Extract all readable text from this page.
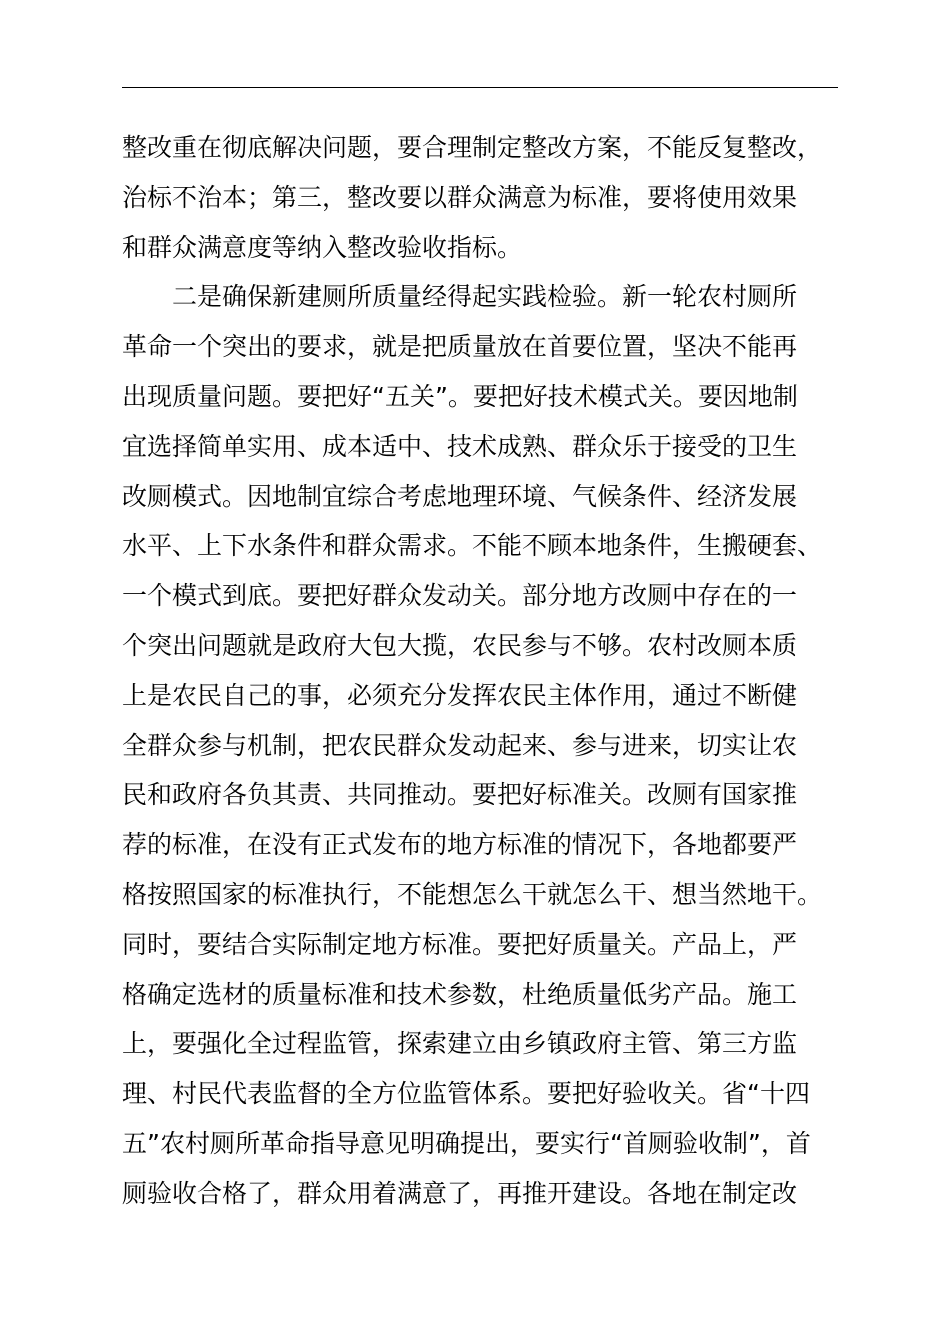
整改重在彻底解决问题，要合理制定整改方案，不能反复整改，
治标不治本；第三，整改要以群众满意为标准，要将使用效果
和群众满意度等纳入整改验收指标。
二是确保新建厕所质量经得起实践检验。新一轮农村厕所
革命一个突出的要求，就是把质量放在首要位置，坚决不能再
出现质量问题。要把好“五关”。要把好技术模式关。要因地制
宜选择简单实用、成本适中、技术成熟、群众乐于接受的卫生
改厕模式。因地制宜综合考虑地理环境、气候条件、经济发展
水平、上下水条件和群众需求。不能不顾本地条件，生搬硬套、
一个模式到底。要把好群众发动关。部分地方改厕中存在的一
个突出问题就是政府大包大揽，农民参与不够。农村改厕本质
上是农民自己的事，必须充分发挥农民主体作用，通过不断健
全群众参与机制，把农民群众发动起来、参与进来，切实让农
民和政府各负其责、共同推动。要把好标准关。改厕有国家推
荐的标准，在没有正式发布的地方标准的情况下，各地都要严
格按照国家的标准执行，不能想怎么干就怎么干、想当然地干。
同时，要结合实际制定地方标准。要把好质量关。产品上，严
格确定选材的质量标准和技术参数，杜绝质量低劣产品。施工
上，要强化全过程监管，探索建立由乡镇政府主管、第三方监
理、村民代表监督的全方位监管体系。要把好验收关。省“十四
五”农村厕所革命指导意见明确提出，要实行“首厕验收制”，首
厕验收合格了，群众用着满意了，再推开建设。各地在制定改
